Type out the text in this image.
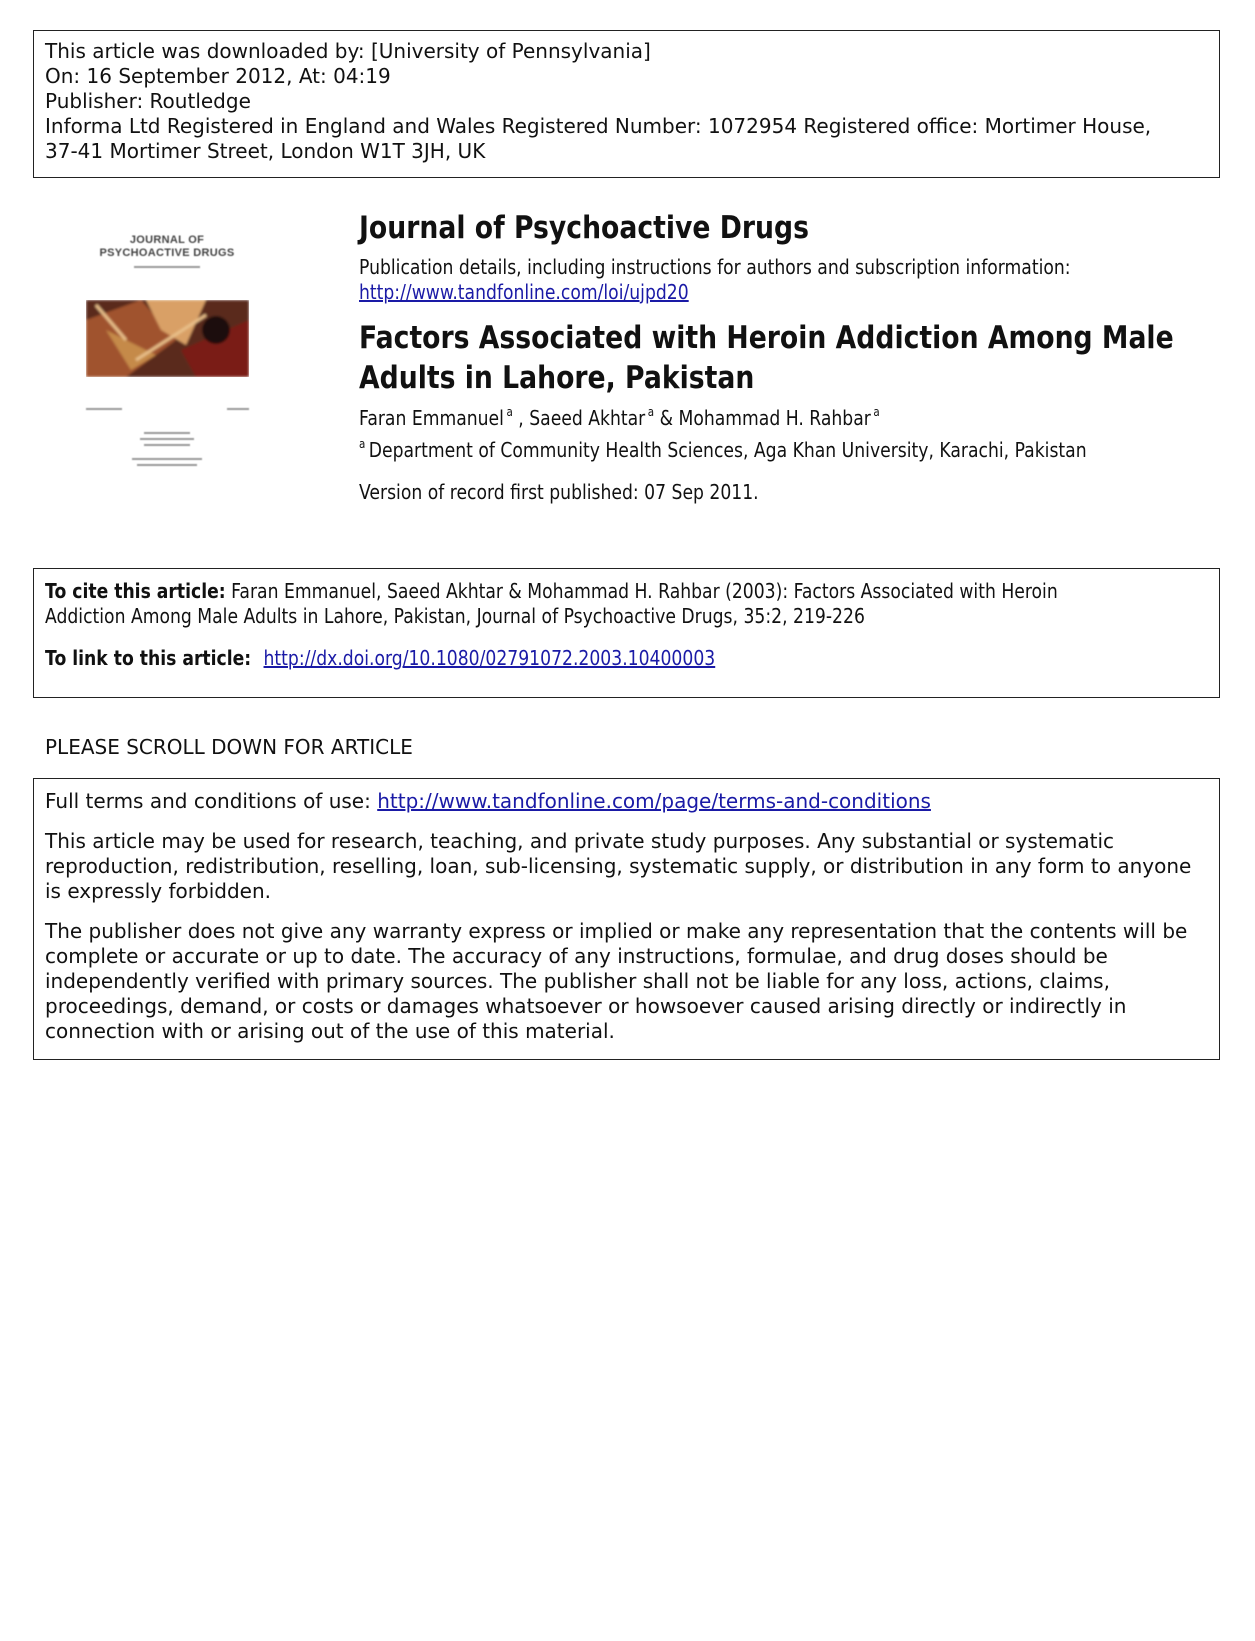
This article was downloaded by: [University of Pennsylvania]
On: 16 September 2012, At: 04:19
Publisher: Routledge
Informa Ltd Registered in England and Wales Registered Number: 1072954 Registered office: Mortimer House,
37-41 Mortimer Street, London W1T 3JH, UK
JOURNAL OF
PSYCHOACTIVE DRUGS
Journal of Psychoactive Drugs
Publication details, including instructions for authors and subscription information:
http://www.tandfonline.com/loi/ujpd20
Factors Associated with Heroin Addiction Among Male
Adults in Lahore, Pakistan
Faran Emmanuel $^a$ , Saeed Akhtar $^a$ & Mohammad H. Rahbar $^a$
$^a$ Department of Community Health Sciences, Aga Khan University, Karachi, Pakistan
Version of record first published: 07 Sep 2011.
To cite this article: Faran Emmanuel, Saeed Akhtar & Mohammad H. Rahbar (2003): Factors Associated with Heroin
Addiction Among Male Adults in Lahore, Pakistan, Journal of Psychoactive Drugs, 35:2, 219-226
To link to this article: http://dx.doi.org/10.1080/02791072.2003.10400003
PLEASE SCROLL DOWN FOR ARTICLE

Full terms and conditions of use: http://www.tandfonline.com/page/terms-and-conditions

This article may be used for research, teaching, and private study purposes. Any substantial or systematic reproduction, redistribution, reselling, loan, sub-licensing, systematic supply, or distribution in any form to anyone is expressly forbidden.

The publisher does not give any warranty express or implied or make any representation that the contents will be complete or accurate or up to date. The accuracy of any instructions, formulae, and drug doses should be independently verified with primary sources. The publisher shall not be liable for any loss, actions, claims, proceedings, demand, or costs or damages whatsoever or howsoever caused arising directly or indirectly in connection with or arising out of the use of this material.
